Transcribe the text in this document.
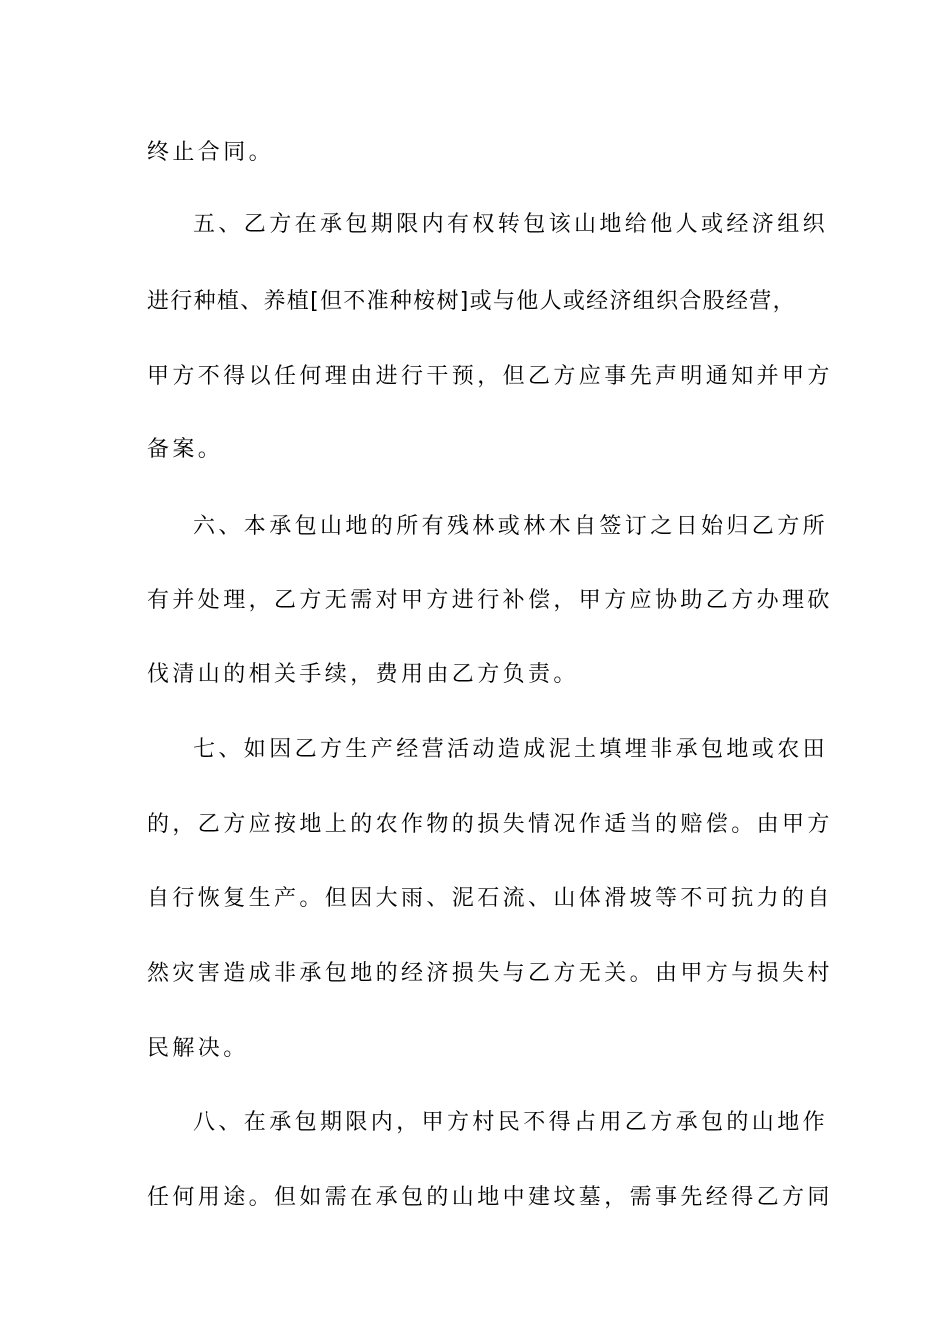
终止合同。
五、乙方在承包期限内有权转包该山地给他人或经济组织
进行种植、养植[但不准种桉树]或与他人或经济组织合股经营，
甲方不得以任何理由进行干预，但乙方应事先声明通知并甲方
备案。
六、本承包山地的所有残林或林木自签订之日始归乙方所
有并处理，乙方无需对甲方进行补偿，甲方应协助乙方办理砍
伐清山的相关手续，费用由乙方负责。
七、如因乙方生产经营活动造成泥土填埋非承包地或农田
的，乙方应按地上的农作物的损失情况作适当的赔偿。由甲方
自行恢复生产。但因大雨、泥石流、山体滑坡等不可抗力的自
然灾害造成非承包地的经济损失与乙方无关。由甲方与损失村
民解决。
八、在承包期限内，甲方村民不得占用乙方承包的山地作
任何用途。但如需在承包的山地中建坟墓，需事先经得乙方同
